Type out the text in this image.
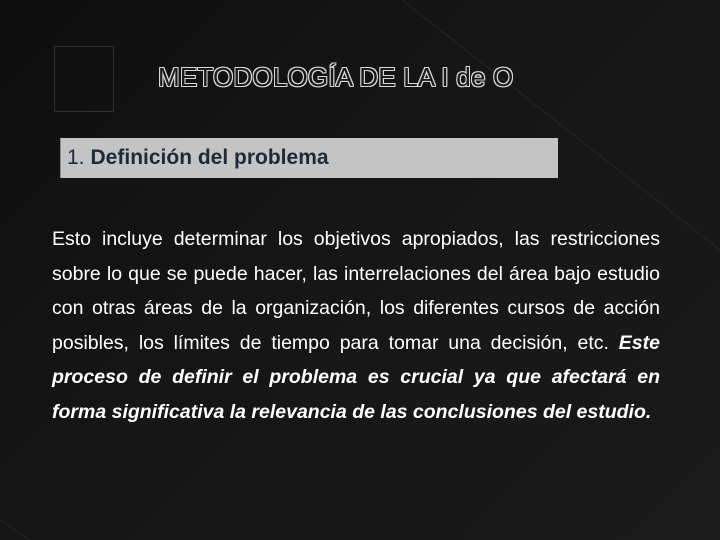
METODOLOGÍA DE LA I de O
1. Definición del problema

Esto incluye determinar los objetivos apropiados, las restricciones sobre lo que se puede hacer, las interrelaciones del área bajo estudio con otras áreas de la organización, los diferentes cursos de acción posibles, los límites de tiempo para tomar una decisión, etc. Este proceso de definir el problema es crucial ya que afectará en forma significativa la relevancia de las conclusiones del estudio.
